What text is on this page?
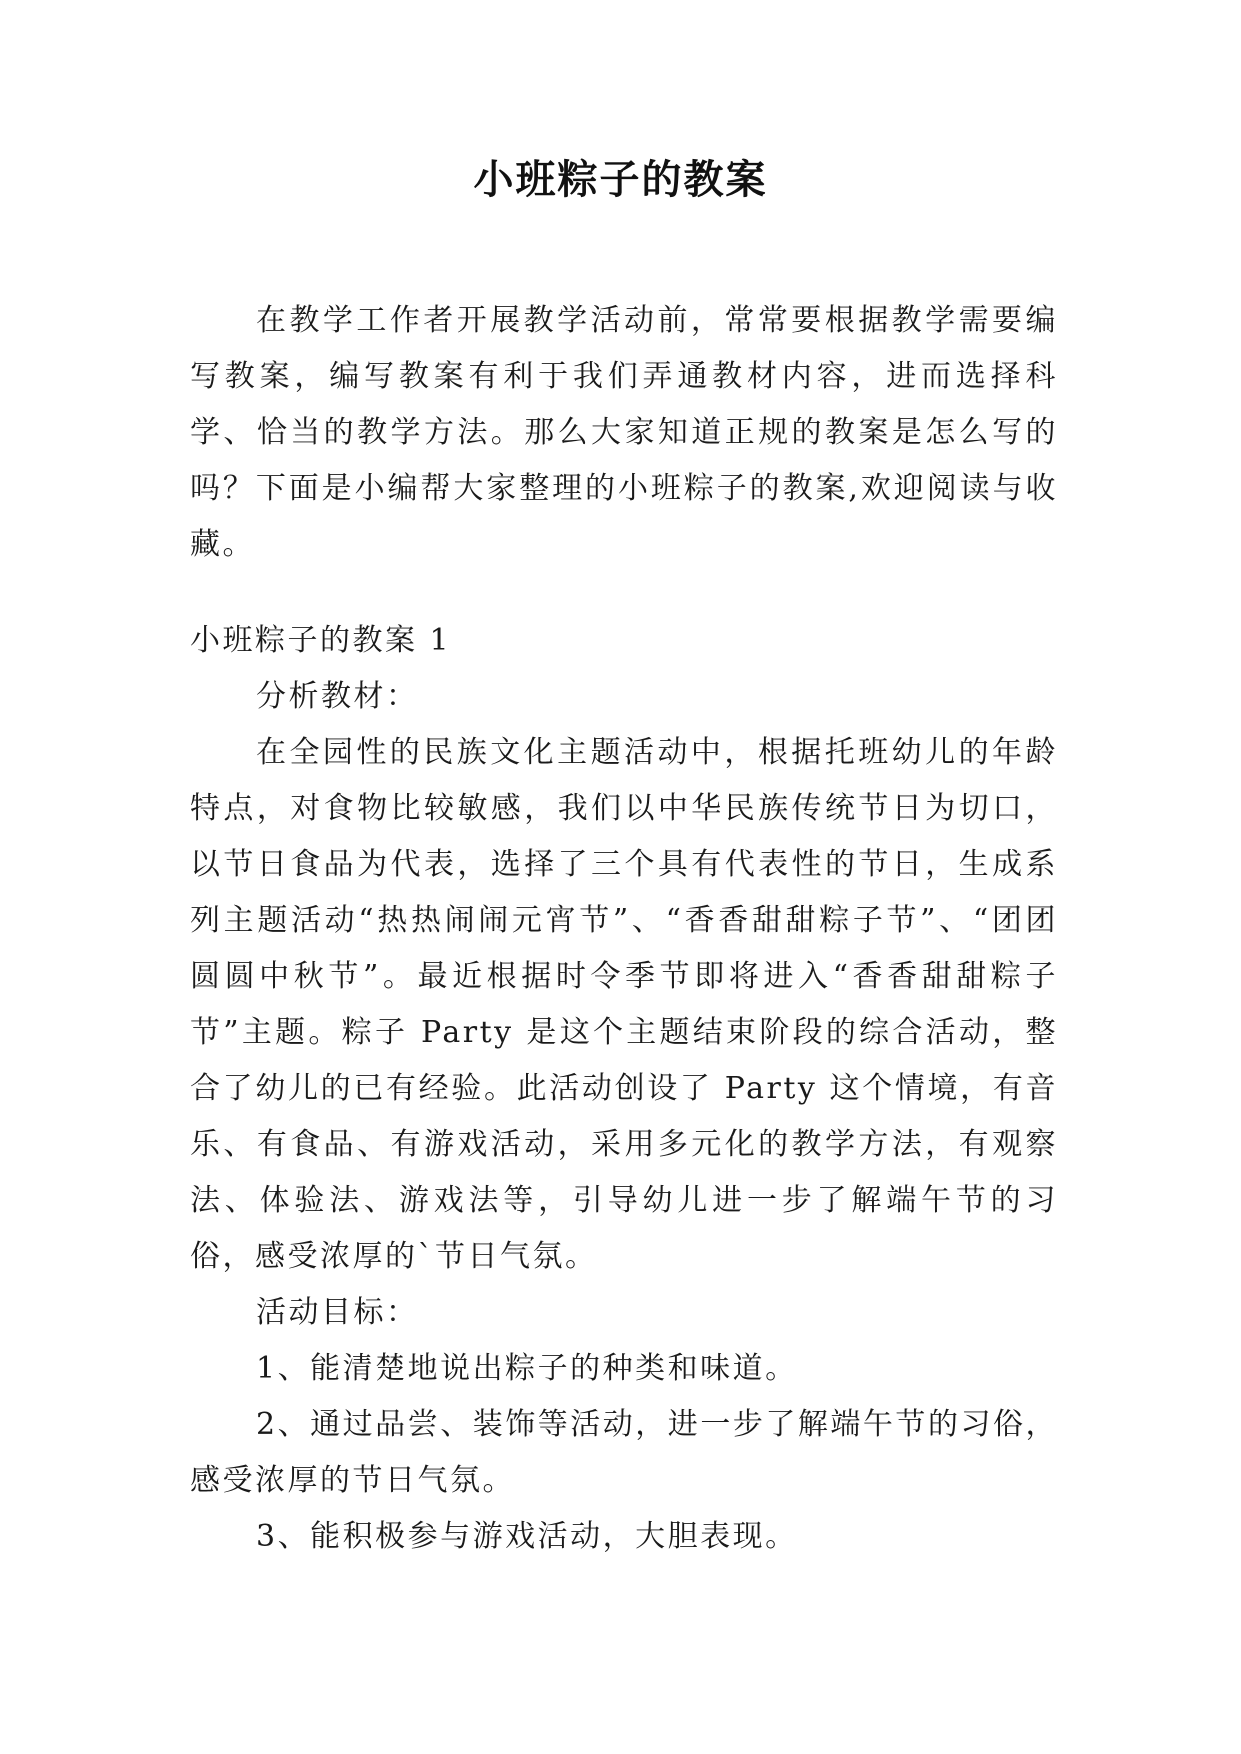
小班粽子的教案

在教学工作者开展教学活动前，常常要根据教学需要编写教案，编写教案有利于我们弄通教材内容，进而选择科学、恰当的教学方法。那么大家知道正规的教案是怎么写的吗？下面是小编帮大家整理的小班粽子的教案,欢迎阅读与收藏。

小班粽子的教案 1

分析教材：

在全园性的民族文化主题活动中，根据托班幼儿的年龄特点，对食物比较敏感，我们以中华民族传统节日为切口，以节日食品为代表，选择了三个具有代表性的节日，生成系列主题活动“热热闹闹元宵节”、“香香甜甜粽子节”、“团团圆圆中秋节”。最近根据时令季节即将进入“香香甜甜粽子节”主题。粽子 Party 是这个主题结束阶段的综合活动，整合了幼儿的已有经验。此活动创设了 Party 这个情境，有音乐、有食品、有游戏活动，采用多元化的教学方法，有观察法、体验法、游戏法等，引导幼儿进一步了解端午节的习俗，感受浓厚的`节日气氛。

活动目标：

1、能清楚地说出粽子的种类和味道。

2、通过品尝、装饰等活动，进一步了解端午节的习俗，感受浓厚的节日气氛。

3、能积极参与游戏活动，大胆表现。
